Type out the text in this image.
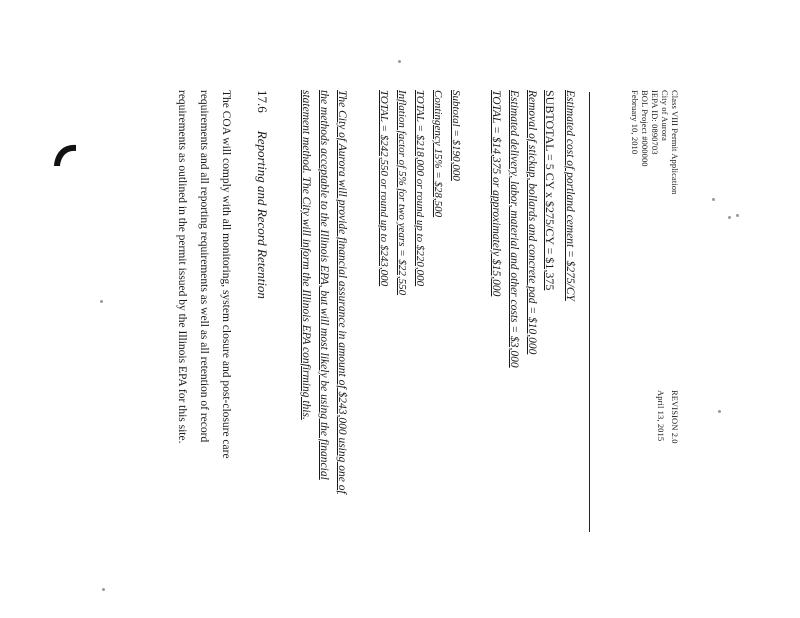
Class VIII Permit Application
City of Aurora
IEPA ID: 0890703
BOL Project #000000
February 10, 2010
REVISION 2.0
April 13, 2015
Estimated cost of portland cement = $275/CY
SUBTOTAL = 5 CY x $275/CY = $1,375
Removal of stickup, bollards and concrete pad = $10,000
Estimated delivery, labor, material and other costs = $3,000
TOTAL = $14,375 or approximately $15,000
Subtotal = $190,000
Contingency 15% = $28,500
TOTAL = $218,000 or round up to $220,000
Inflation factor of 5% for two years = $22,550
TOTAL = $242,550 or round up to $243,000
The City of Aurora will provide financial assurance in amount of $243,000 using one of
the methods acceptable to the Illinois EPA, but will most likely be using the financial
statement method. The City will inform the Illinois EPA confirming this.
17.6Reporting and Record Retention
The COA will comply with all monitoring, system closure and post-closure care
requirements and all reporting requirements as well as all retention of record
requirements as outlined in the permit issued by the Illinois EPA for this site.
